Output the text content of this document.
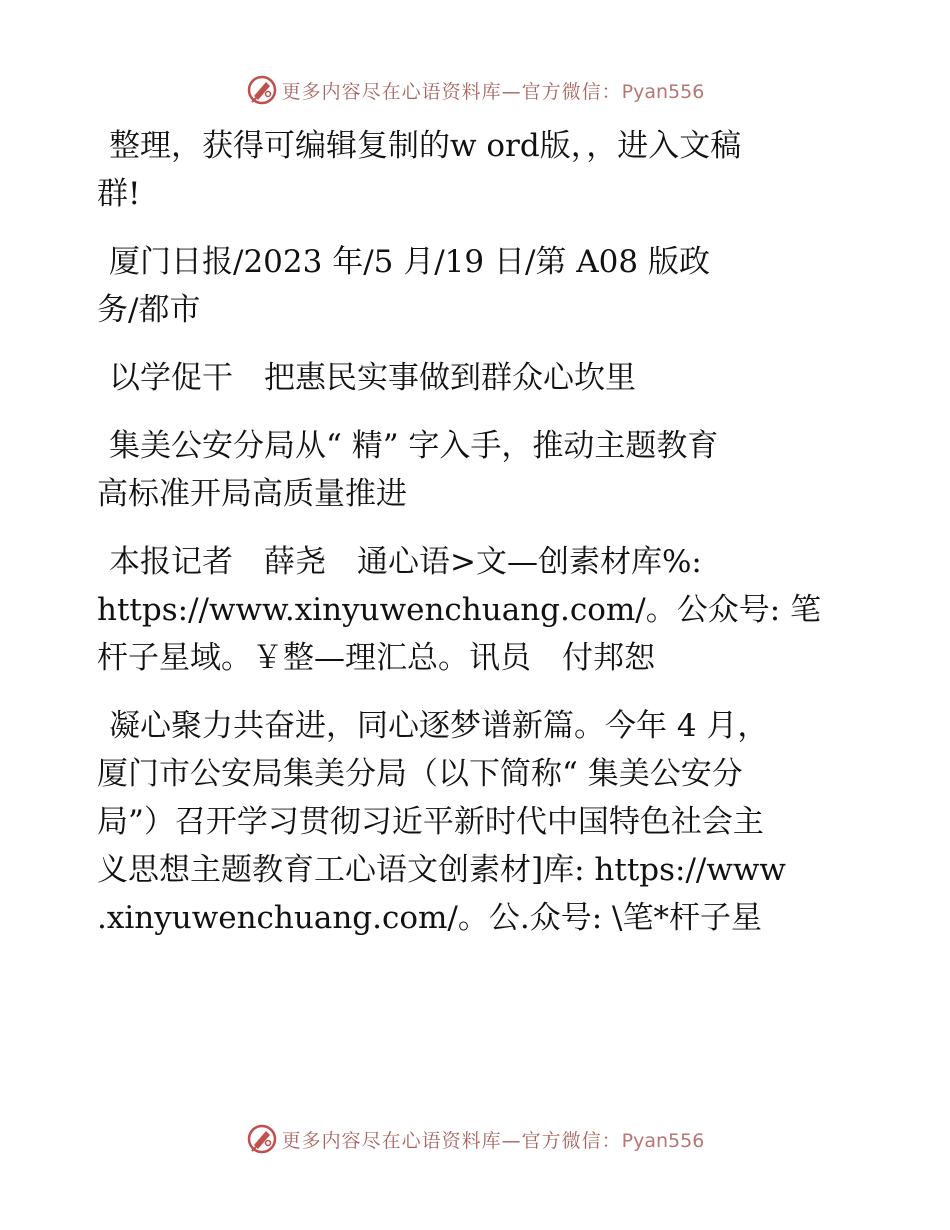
更多内容尽在心语资料库—官方微信：Pyan556

整理，获得可编辑复制的w ord版，，进入文稿
群!

厦门日报/2023 年/5 月/19 日/第 A08 版政
务/都市

以学促干　把惠民实事做到群众心坎里

集美公安分局从“ 精” 字入手，推动主题教育
高标准开局高质量推进

本报记者　薛尧　通心语>文—创素材库%:
https://www.xinyuwenchuang.com/。公众号: 笔
杆子星域。￥整—理汇总。讯员　付邦恕

凝心聚力共奋进，同心逐梦谱新篇。今年 4 月，
厦门市公安局集美分局（以下简称“ 集美公安分
局”）召开学习贯彻习近平新时代中国特色社会主
义思想主题教育工心语文创素材]库: https://www
.xinyuwenchuang.com/。公.众号: \笔*杆子星

更多内容尽在心语资料库—官方微信：Pyan556
